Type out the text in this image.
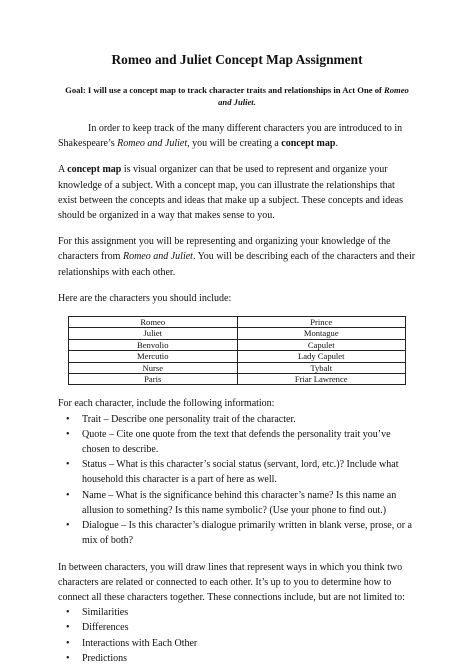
Romeo and Juliet Concept Map Assignment

Goal: I will use a concept map to track character traits and relationships in Act One of Romeo and Juliet.

In order to keep track of the many different characters you are introduced to in Shakespeare’s Romeo and Juliet, you will be creating a concept map.

A concept map is visual organizer can that be used to represent and organize your knowledge of a subject. With a concept map, you can illustrate the relationships that exist between the concepts and ideas that make up a subject. These concepts and ideas should be organized in a way that makes sense to you.

For this assignment you will be representing and organizing your knowledge of the characters from Romeo and Juliet. You will be describing each of the characters and their relationships with each other.

Here are the characters you should include:

Romeo	Prince
Juliet	Montague
Benvolio	Capulet
Mercutio	Lady Capulet
Nurse	Tybalt
Paris	Friar Lawrence

For each character, include the following information:

• Trait – Describe one personality trait of the character.
• Quote – Cite one quote from the text that defends the personality trait you’ve chosen to describe.
• Status – What is this character’s social status (servant, lord, etc.)? Include what household this character is a part of here as well.
• Name – What is the significance behind this character’s name? Is this name an allusion to something? Is this name symbolic? (Use your phone to find out.)
• Dialogue – Is this character’s dialogue primarily written in blank verse, prose, or a mix of both?

In between characters, you will draw lines that represent ways in which you think two characters are related or connected to each other. It’s up to you to determine how to connect all these characters together. These connections include, but are not limited to:

• Similarities
• Differences
• Interactions with Each Other
• Predictions
